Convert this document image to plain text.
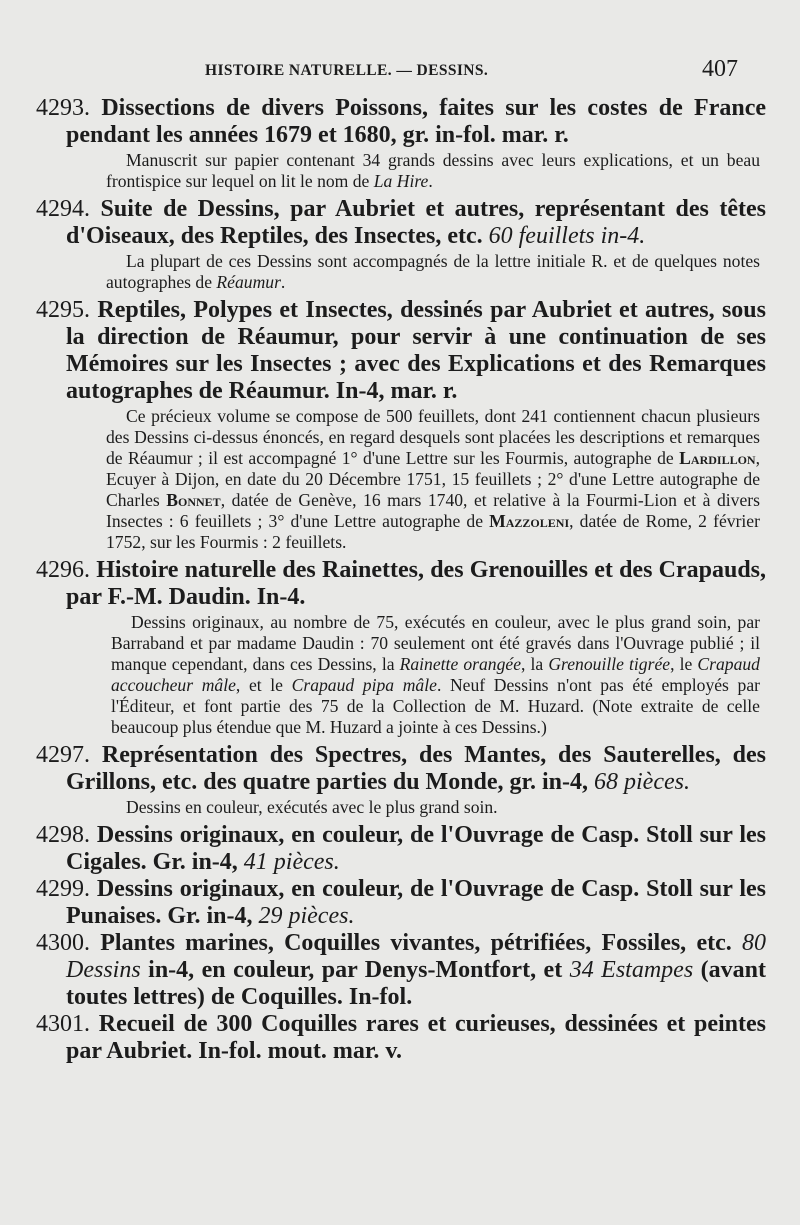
HISTOIRE NATURELLE. — DESSINS.	407

4293. Dissections de divers Poissons, faites sur les costes de France pendant les années 1679 et 1680, gr. in-fol. mar. r.

Manuscrit sur papier contenant 34 grands dessins avec leurs explications, et un beau frontispice sur lequel on lit le nom de La Hire.

4294. Suite de Dessins, par Aubriet et autres, représentant des têtes d'Oiseaux, des Reptiles, des Insectes, etc. 60 feuillets in-4.

La plupart de ces Dessins sont accompagnés de la lettre initiale R. et de quelques notes autographes de Réaumur.

4295. Reptiles, Polypes et Insectes, dessinés par Aubriet et autres, sous la direction de Réaumur, pour servir à une continuation de ses Mémoires sur les Insectes ; avec des Explications et des Remarques autographes de Réaumur. In-4, mar. r.

Ce précieux volume se compose de 500 feuillets, dont 241 contiennent chacun plusieurs des Dessins ci-dessus énoncés, en regard desquels sont placées les descriptions et remarques de Réaumur ; il est accompagné 1° d'une Lettre sur les Fourmis, autographe de Lardillon, Ecuyer à Dijon, en date du 20 Décembre 1751, 15 feuillets ; 2° d'une Lettre autographe de Charles Bonnet, datée de Genève, 16 mars 1740, et relative à la Fourmi-Lion et à divers Insectes : 6 feuillets ; 3° d'une Lettre autographe de Mazzoleni, datée de Rome, 2 février 1752, sur les Fourmis : 2 feuillets.

4296. Histoire naturelle des Rainettes, des Grenouilles et des Crapauds, par F.-M. Daudin. In-4.

Dessins originaux, au nombre de 75, exécutés en couleur, avec le plus grand soin, par Barraband et par madame Daudin : 70 seulement ont été gravés dans l'Ouvrage publié ; il manque cependant, dans ces Dessins, la Rainette orangée, la Grenouille tigrée, le Crapaud accoucheur mâle, et le Crapaud pipa mâle. Neuf Dessins n'ont pas été employés par l'Éditeur, et font partie des 75 de la Collection de M. Huzard. (Note extraite de celle beaucoup plus étendue que M. Huzard a jointe à ces Dessins.)

4297. Représentation des Spectres, des Mantes, des Sauterelles, des Grillons, etc. des quatre parties du Monde, gr. in-4, 68 pièces.

Dessins en couleur, exécutés avec le plus grand soin.

4298. Dessins originaux, en couleur, de l'Ouvrage de Casp. Stoll sur les Cigales. Gr. in-4, 41 pièces.

4299. Dessins originaux, en couleur, de l'Ouvrage de Casp. Stoll sur les Punaises. Gr. in-4, 29 pièces.

4300. Plantes marines, Coquilles vivantes, pétrifiées, Fossiles, etc. 80 Dessins in-4, en couleur, par Denys-Montfort, et 34 Estampes (avant toutes lettres) de Coquilles. In-fol.

4301. Recueil de 300 Coquilles rares et curieuses, dessinées et peintes par Aubriet. In-fol. mout. mar. v.
